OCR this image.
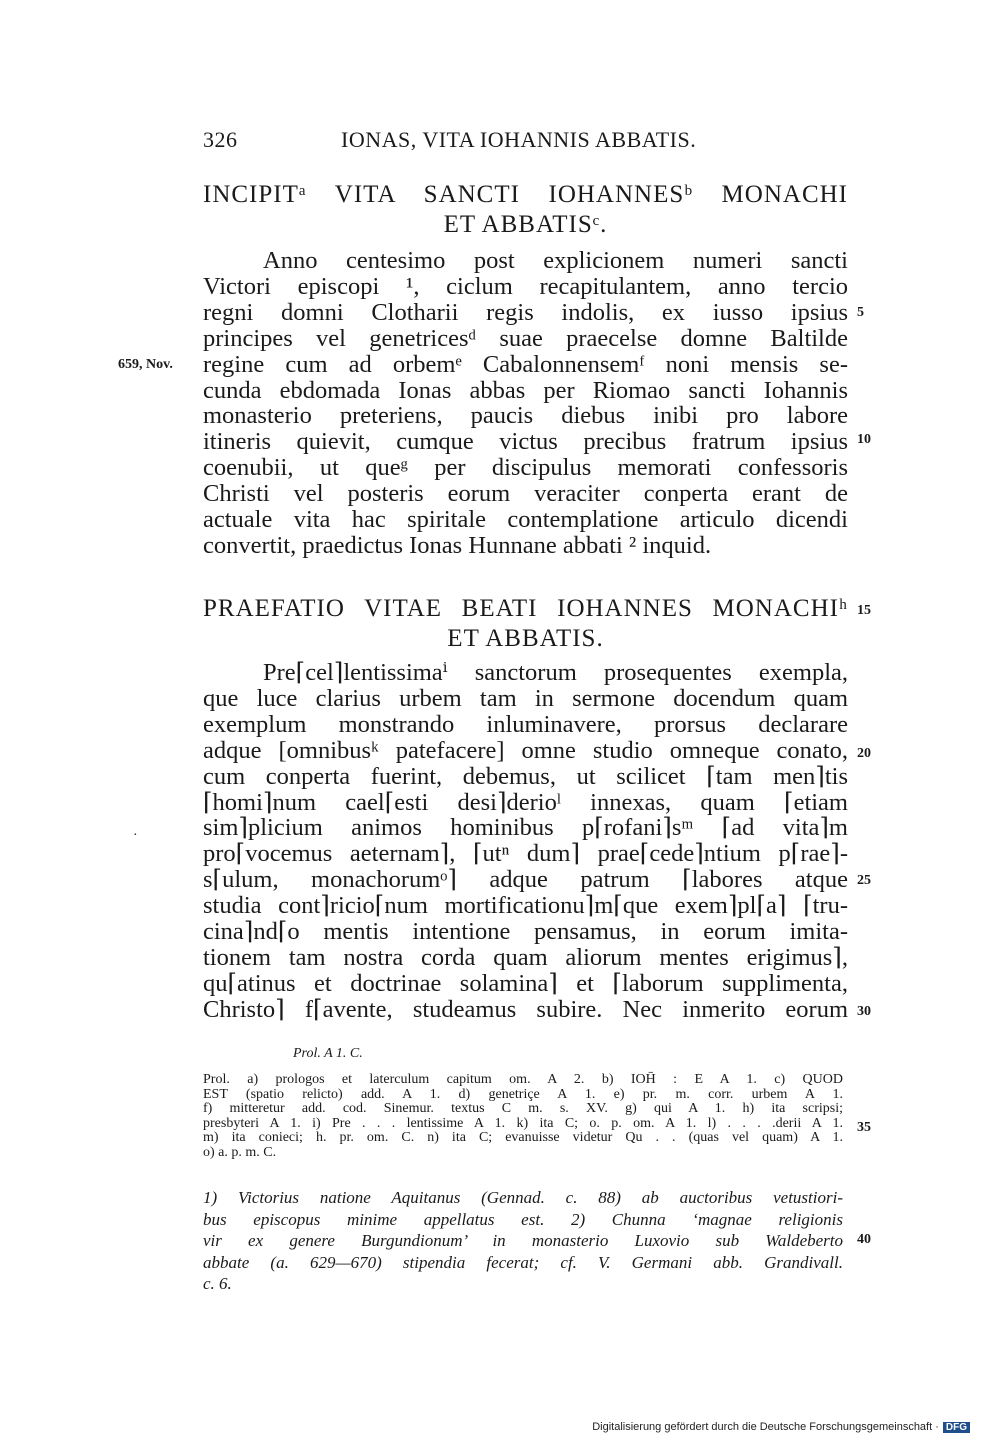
326	IONAS, VITA IOHANNIS ABBATIS.
INCIPITᵃ VITA SANCTI IOHANNESᵇ MONACHI
ET ABBATISᶜ.
659, Nov.
Anno centesimo post explicionem numeri sancti
Victori episcopi ¹, ciclum recapitulantem, anno tercio
regni domni Clotharii regis indolis, ex iusso ipsius
principes vel genetricesᵈ suae praecelse domne Baltilde
regine cum ad orbemᵉ Cabalonnensemᶠ noni mensis se-
cunda ebdomada Ionas abbas per Riomao sancti Iohannis
monasterio preteriens, paucis diebus inibi pro labore
itineris quievit, cumque victus precibus fratrum ipsius
coenubii, ut queᵍ per discipulus memorati confessoris
Christi vel posteris eorum veraciter conperta erant de
actuale vita hac spiritale contemplatione articulo dicendi
convertit, praedictus Ionas Hunnane abbati ² inquid.
PRAEFATIO VITAE BEATI IOHANNES MONACHIʰ
ET ABBATIS.
Pre⌈cel⌉lentissimaⁱ sanctorum prosequentes exempla,
que luce clarius urbem tam in sermone docendum quam
exemplum monstrando inluminavere, prorsus declarare
adque [omnibusᵏ patefacere] omne studio omneque conato,
cum conperta fuerint, debemus, ut scilicet ⌈tam men⌉tis
⌈homi⌉num cael⌈esti desi⌉derioˡ innexas, quam ⌈etiam
sim⌉plicium animos hominibus p⌈rofani⌉sᵐ ⌈ad vita⌉m
pro⌈vocemus aeternam⌉, ⌈utⁿ dum⌉ prae⌈cede⌉ntium p⌈rae⌉-
s⌈ulum, monachorumᵒ⌉ adque patrum ⌈labores atque
studia cont⌉ricio⌈num mortificationu⌉m⌈que exem⌉pl⌈a⌉ ⌈tru-
cina⌉nd⌈o mentis intentione pensamus, in eorum imita-
tionem tam nostra corda quam aliorum mentes erigimus⌉,
qu⌈atinus et doctrinae solamina⌉ et ⌈laborum supplimenta,
Christo⌉ f⌈avente, studeamus subire. Nec inmerito eorum
·
5
10
15
20
25
30
35
40
Prol. A 1. C.
Prol. a) prologos et laterculum capitum om. A 2. b) IOH̄ : E A 1. c) QUOD
EST (spatio relicto) add. A 1. d) genetriçe A 1. e) pr. m. corr. urbem A 1.
f) mitteretur add. cod. Sinemur. textus C m. s. XV. g) qui A 1. h) ita scripsi;
presbyteri A 1. i) Pre . . . lentissime A 1. k) ita C; o. p. om. A 1. l) . . . .derii A 1.
m) ita conieci; h. pr. om. C. n) ita C; evanuisse videtur Qu . . (quas vel quam) A 1.
o) a. p. m. C.
1) Victorius natione Aquitanus (Gennad. c. 88) ab auctoribus vetustiori-
bus episcopus minime appellatus est. 2) Chunna ‘magnae religionis
vir ex genere Burgundionum’ in monasterio Luxovio sub Waldeberto
abbate (a. 629—670) stipendia fecerat; cf. V. Germani abb. Grandivall.
c. 6.
Digitalisierung gefördert durch die Deutsche Forschungsgemeinschaft · DFG
